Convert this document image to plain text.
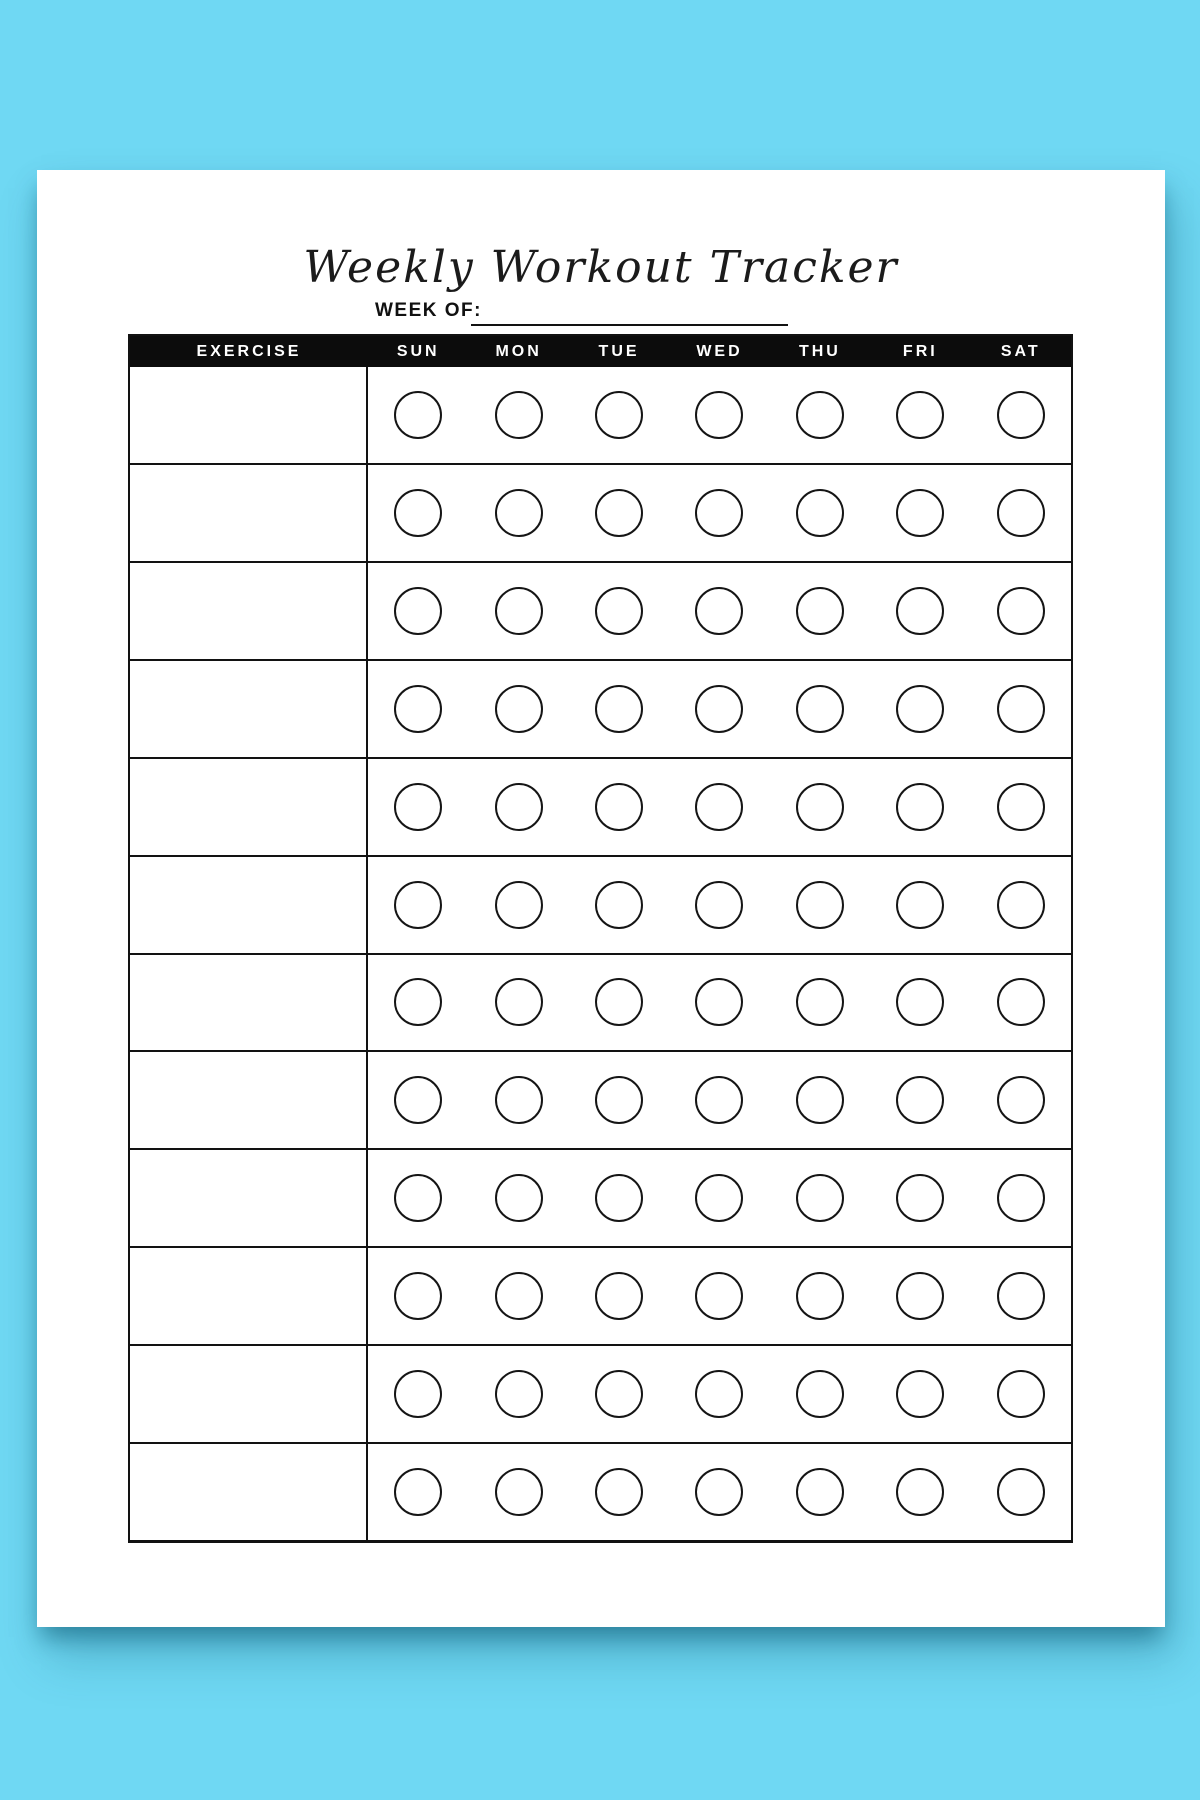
Weekly Workout Tracker
WEEK OF:
EXERCISE	SUN	MON	TUE	WED	THU	FRI	SAT
